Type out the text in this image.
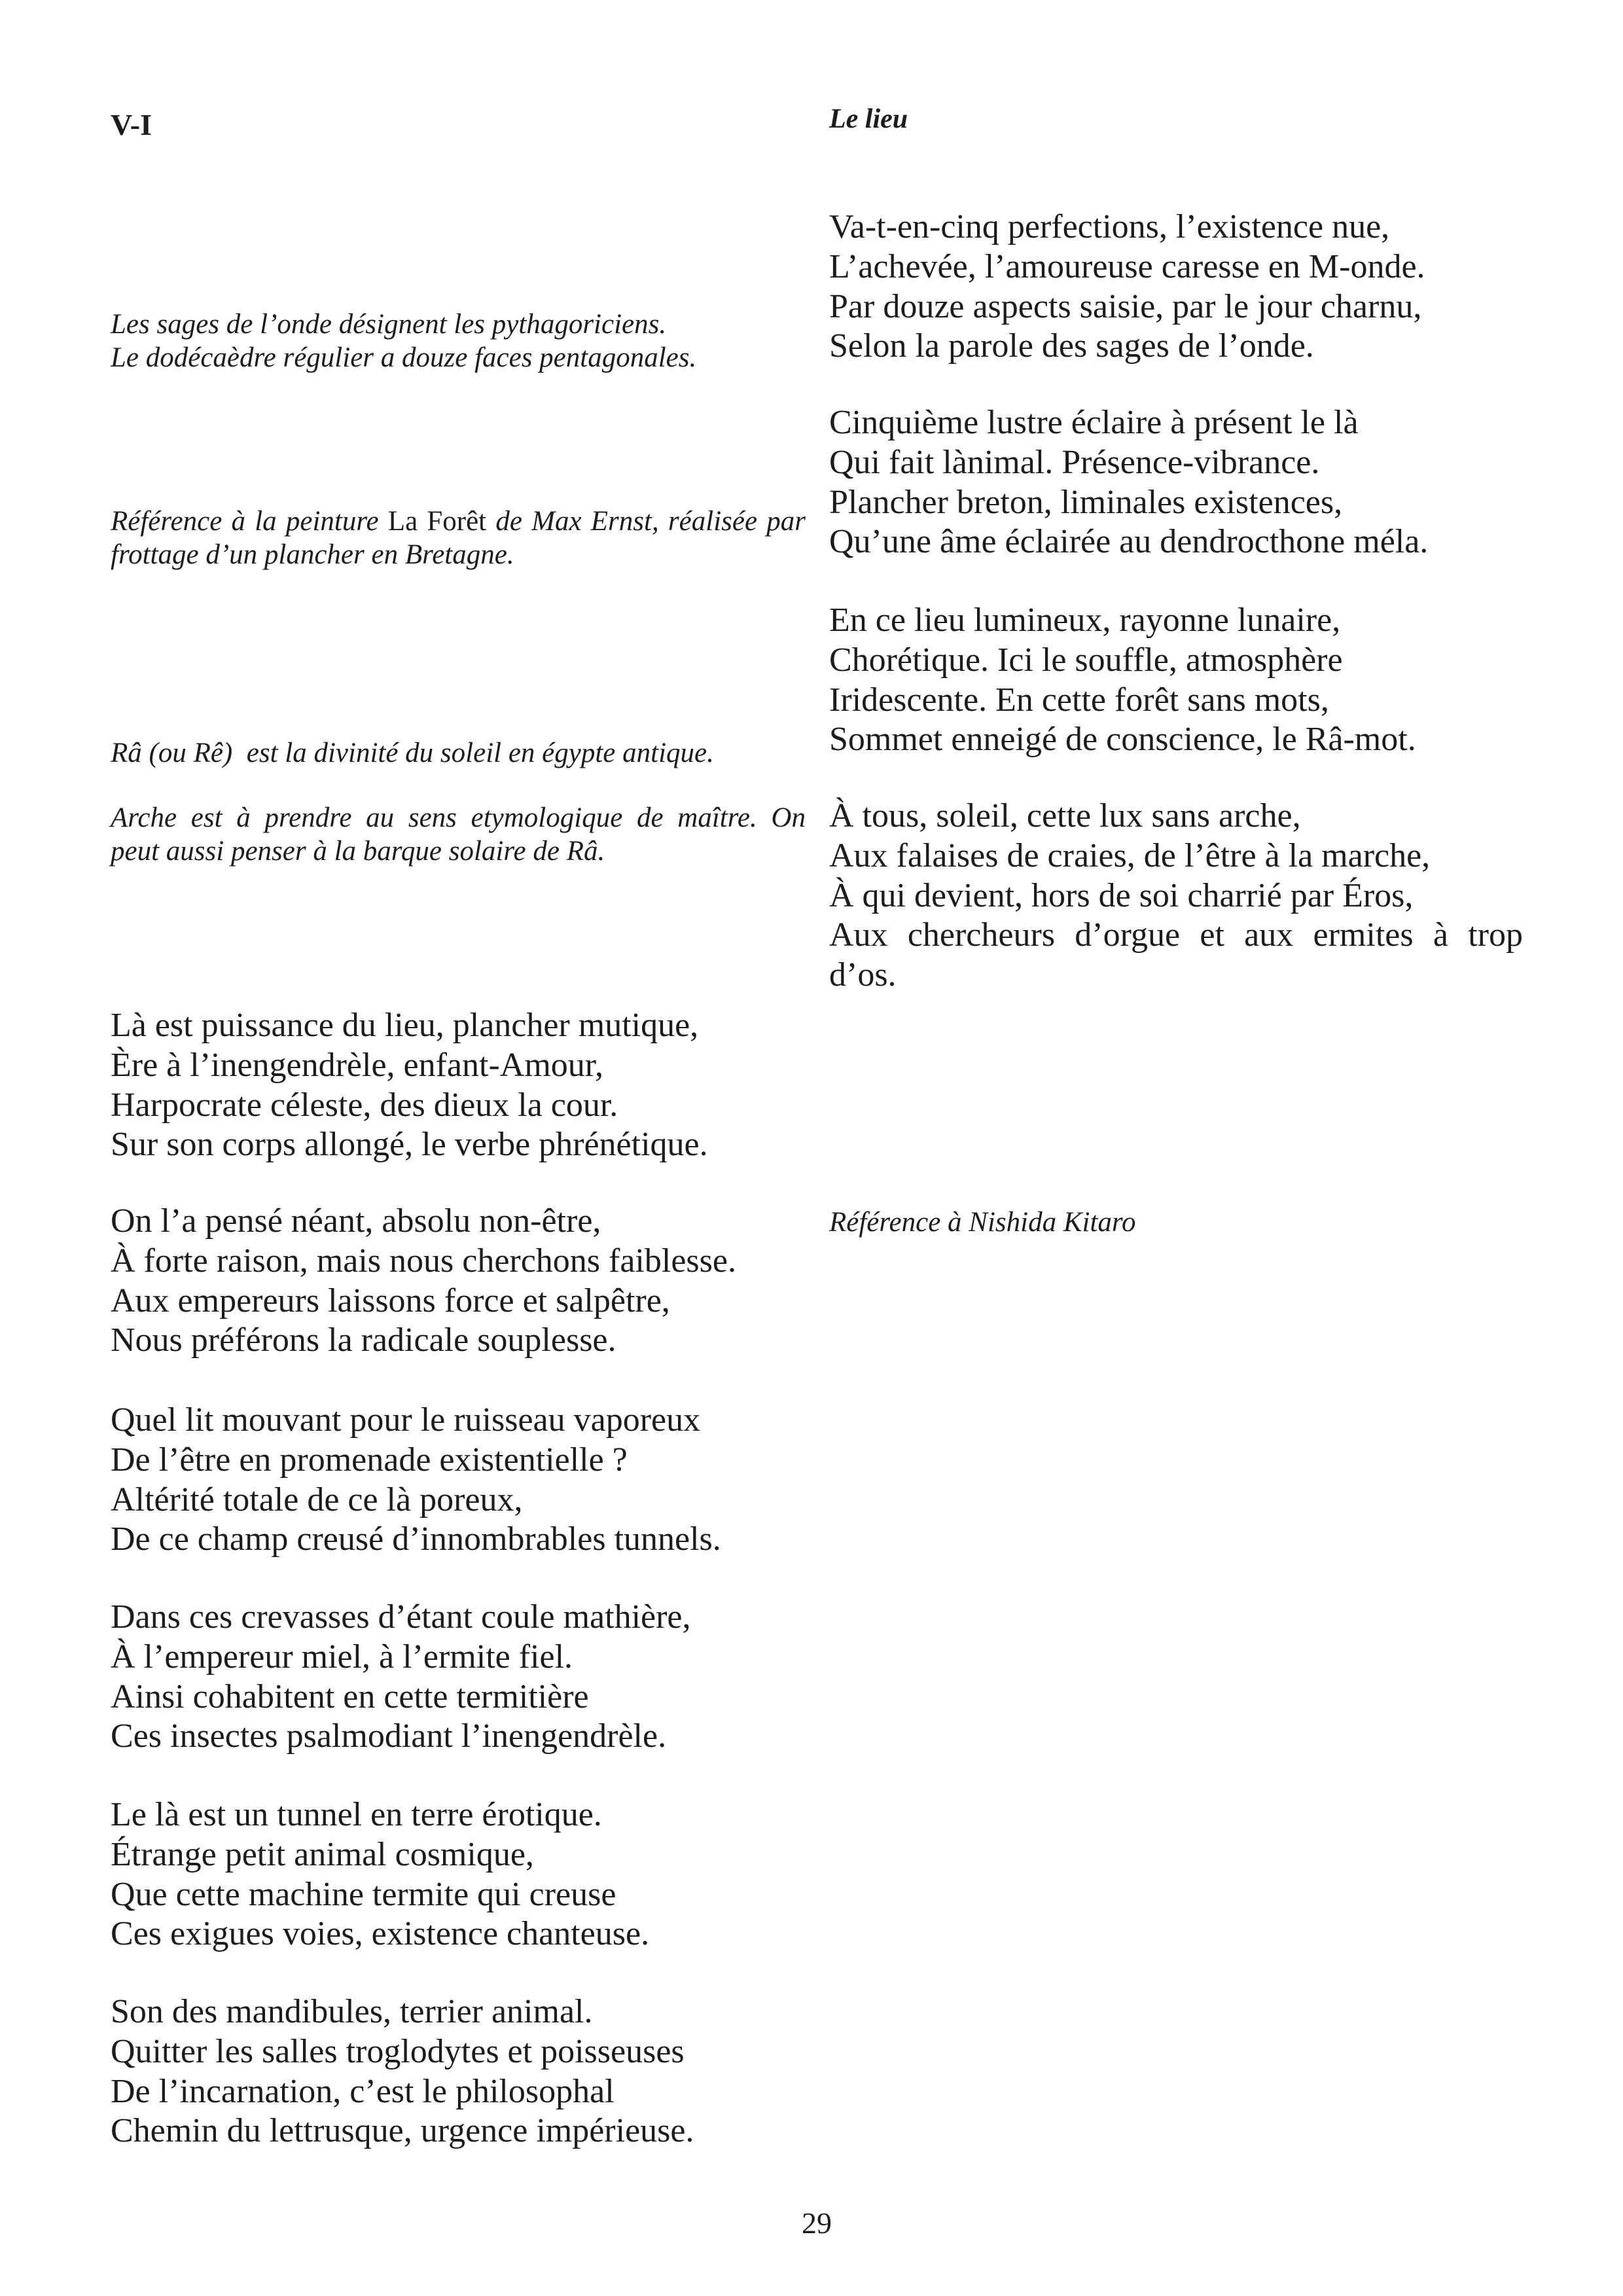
V-I	Le lieu
Va-t-en-cinq perfections, l’existence nue,
L’achevée, l’amoureuse caresse en M-onde.
Par douze aspects saisie, par le jour charnu,
Selon la parole des sages de l’onde.
Cinquième lustre éclaire à présent le là
Qui fait lànimal. Présence-vibrance.
Plancher breton, liminales existences,
Qu’une âme éclairée au dendrocthone méla.
En ce lieu lumineux, rayonne lunaire,
Chorétique. Ici le souffle, atmosphère
Iridescente. En cette forêt sans mots,
Sommet enneigé de conscience, le Râ-mot.
À tous, soleil, cette lux sans arche,
Aux falaises de craies, de l’être à la marche,
À qui devient, hors de soi charrié par Éros,
Aux chercheurs d’orgue et aux ermites à trop
d’os.
Là est puissance du lieu, plancher mutique,
Ère à l’inengendrèle, enfant-Amour,
Harpocrate céleste, des dieux la cour.
Sur son corps allongé, le verbe phrénétique.
On l’a pensé néant, absolu non-être,
À forte raison, mais nous cherchons faiblesse.
Aux empereurs laissons force et salpêtre,
Nous préférons la radicale souplesse.
Quel lit mouvant pour le ruisseau vaporeux
De l’être en promenade existentielle ?
Altérité totale de ce là poreux,
De ce champ creusé d’innombrables tunnels.
Dans ces crevasses d’étant coule mathière,
À l’empereur miel, à l’ermite fiel.
Ainsi cohabitent en cette termitière
Ces insectes psalmodiant l’inengendrèle.
Le là est un tunnel en terre érotique.
Étrange petit animal cosmique,
Que cette machine termite qui creuse
Ces exigues voies, existence chanteuse.
Son des mandibules, terrier animal.
Quitter les salles troglodytes et poisseuses
De l’incarnation, c’est le philosophal
Chemin du lettrusque, urgence impérieuse.
Les sages de l’onde désignent les pythagoriciens.
Le dodécaèdre régulier a douze faces pentagonales.
Référence à la peinture La Forêt de Max Ernst, réalisée par
frottage d’un plancher en Bretagne.
Râ (ou Rê)  est la divinité du soleil en égypte antique.
Arche est à prendre au sens etymologique de maître. On
peut aussi penser à la barque solaire de Râ.
Référence à Nishida Kitaro
29
